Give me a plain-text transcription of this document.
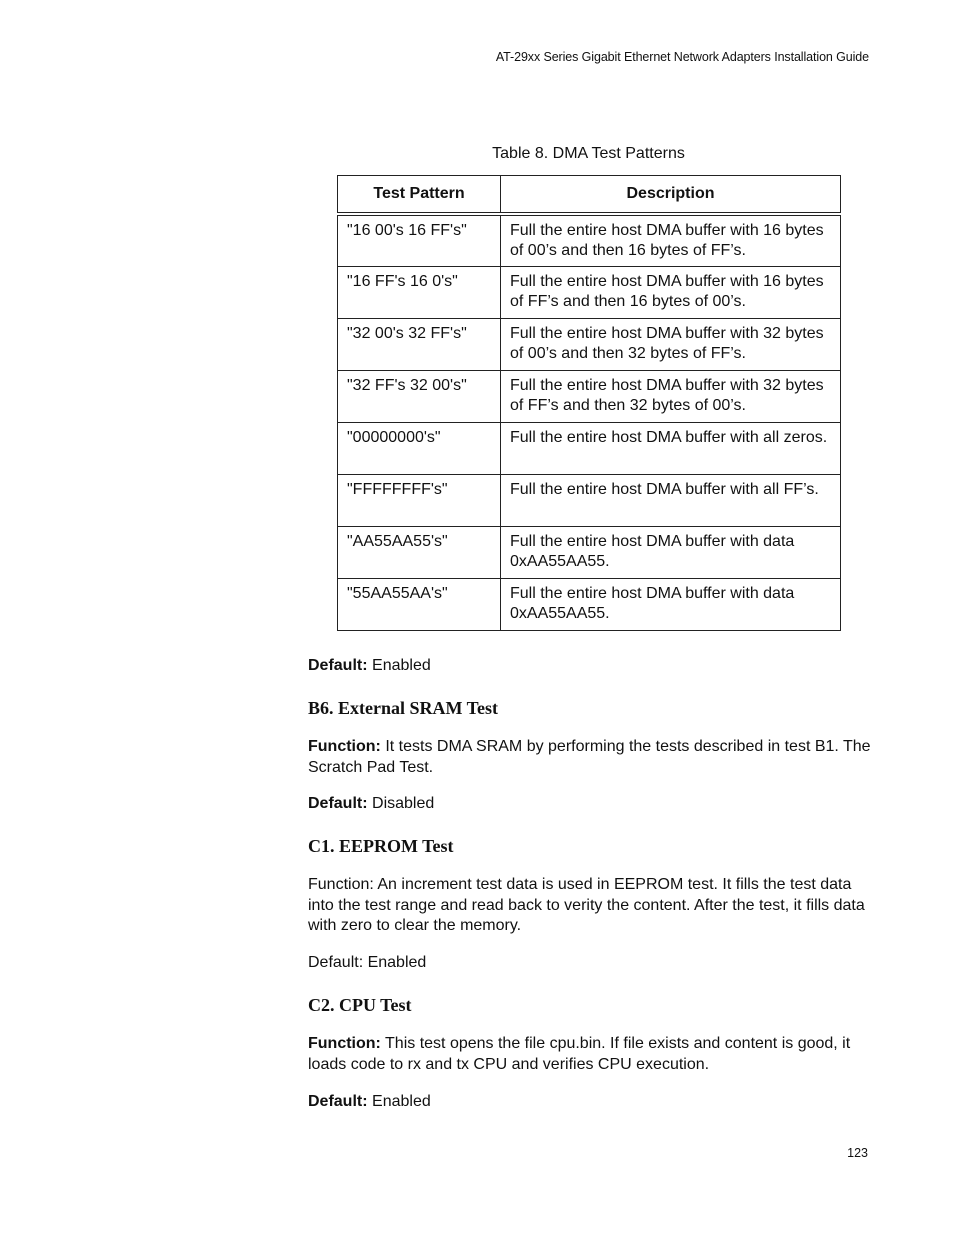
AT-29xx Series Gigabit Ethernet Network Adapters Installation Guide
Table 8. DMA Test Patterns
Test Pattern	Description
"16 00's 16 FF's"	Full the entire host DMA buffer with 16 bytes of 00’s and then 16 bytes of FF’s.
"16 FF's 16 0's"	Full the entire host DMA buffer with 16 bytes of FF’s and then 16 bytes of 00’s.
"32 00's 32 FF's"	Full the entire host DMA buffer with 32 bytes of 00’s and then 32 bytes of FF’s.
"32 FF's 32 00's"	Full the entire host DMA buffer with 32 bytes of FF’s and then 32 bytes of 00’s.
"00000000's"	Full the entire host DMA buffer with all zeros.
"FFFFFFFF's"	Full the entire host DMA buffer with all FF’s.
"AA55AA55's"	Full the entire host DMA buffer with data 0xAA55AA55.
"55AA55AA's"	Full the entire host DMA buffer with data 0xAA55AA55.

Default: Enabled

B6. External SRAM Test

Function: It tests DMA SRAM by performing the tests described in test B1. The Scratch Pad Test.

Default: Disabled

C1. EEPROM Test

Function: An increment test data is used in EEPROM test. It fills the test data into the test range and read back to verity the content. After the test, it fills data with zero to clear the memory.

Default: Enabled

C2. CPU Test

Function: This test opens the file cpu.bin. If file exists and content is good, it loads code to rx and tx CPU and verifies CPU execution.

Default: Enabled

123
